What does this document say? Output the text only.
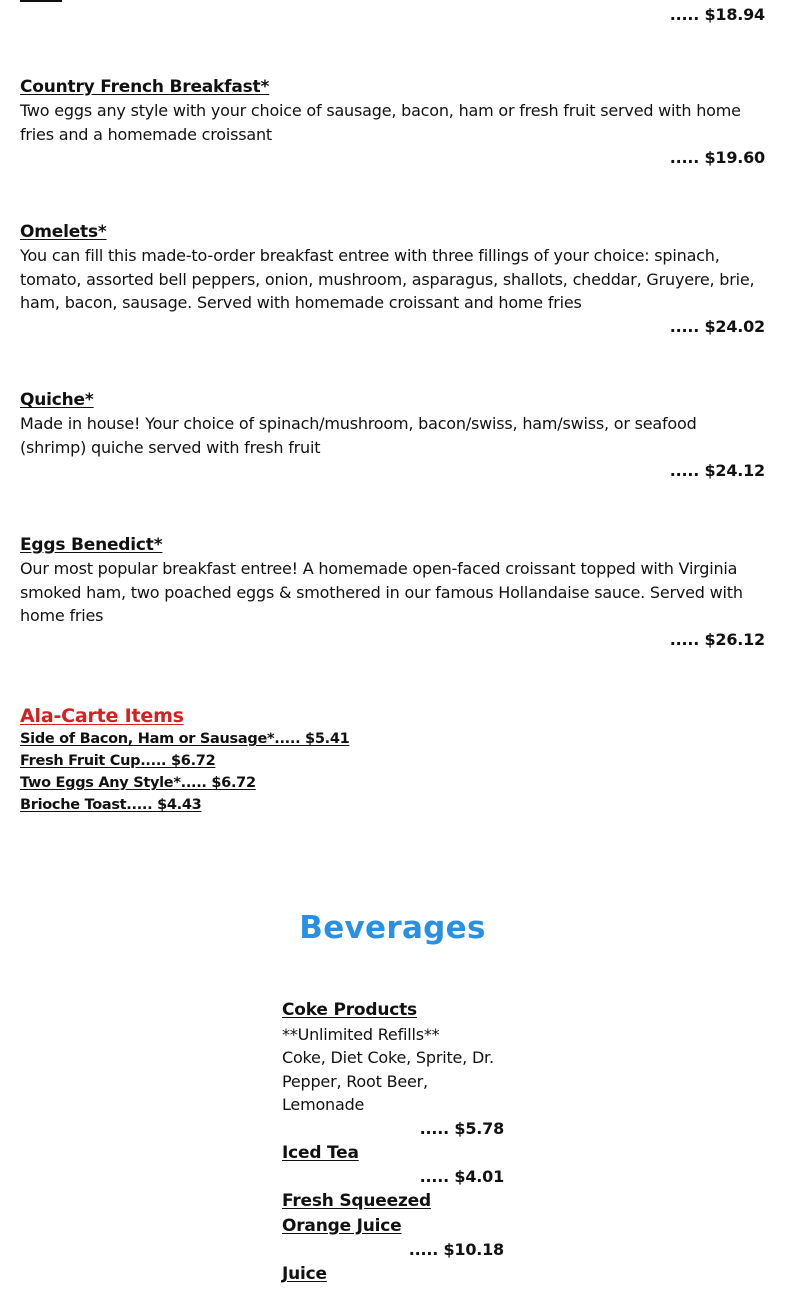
..... $18.94
Country French Breakfast*
Two eggs any style with your choice of sausage, bacon, ham or fresh fruit served with home fries and a homemade croissant
..... $19.60
Omelets*
You can fill this made-to-order breakfast entree with three fillings of your choice: spinach, tomato, assorted bell peppers, onion, mushroom, asparagus, shallots, cheddar, Gruyere, brie, ham, bacon, sausage. Served with homemade croissant and home fries
..... $24.02
Quiche*
Made in house! Your choice of spinach/mushroom, bacon/swiss, ham/swiss, or seafood (shrimp) quiche served with fresh fruit
..... $24.12
Eggs Benedict*
Our most popular breakfast entree! A homemade open-faced croissant topped with Virginia smoked ham, two poached eggs & smothered in our famous Hollandaise sauce. Served with home fries
..... $26.12
Ala-Carte Items
Side of Bacon, Ham or Sausage*..... $5.41
Fresh Fruit Cup..... $6.72
Two Eggs Any Style*..... $6.72
Brioche Toast..... $4.43
Beverages
Coke Products
**Unlimited Refills**
Coke, Diet Coke, Sprite, Dr. Pepper, Root Beer, Lemonade
..... $5.78
Iced Tea
..... $4.01
Fresh Squeezed Orange Juice
..... $10.18
Juice
